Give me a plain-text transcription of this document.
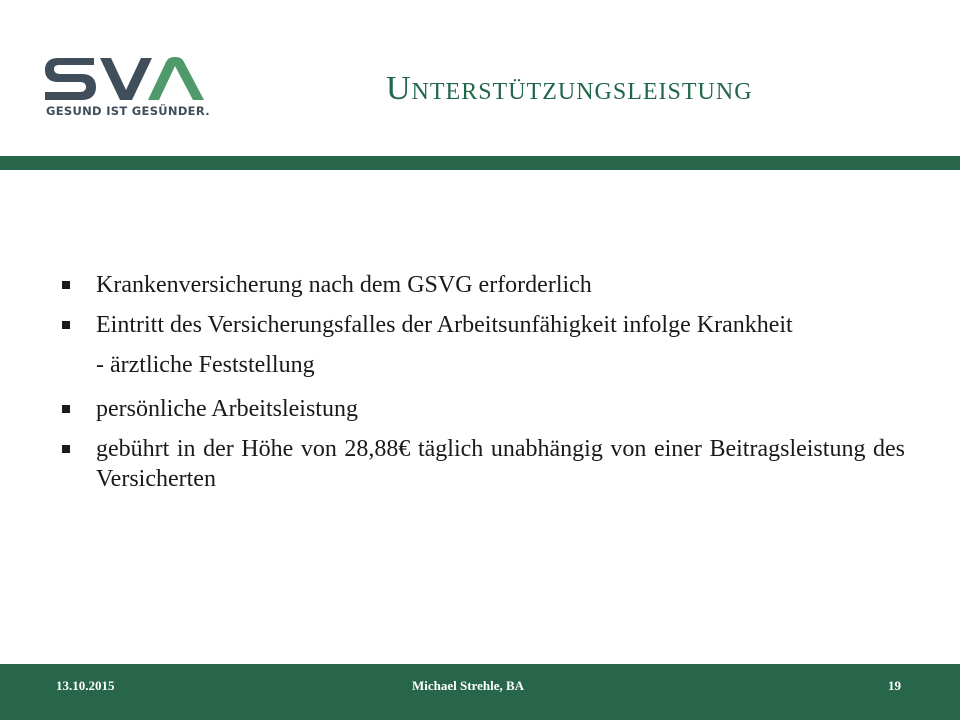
GESUND IST GESÜNDER.
Unterstützungsleistung
Krankenversicherung nach dem GSVG erforderlich
Eintritt des Versicherungsfalles der Arbeitsunfähigkeit infolge Krankheit
- ärztliche Feststellung
persönliche Arbeitsleistung
gebührt in der Höhe von 28,88€ täglich unabhängig von einer Beitragsleistung des Versicherten
13.10.2015	Michael Strehle, BA	19
